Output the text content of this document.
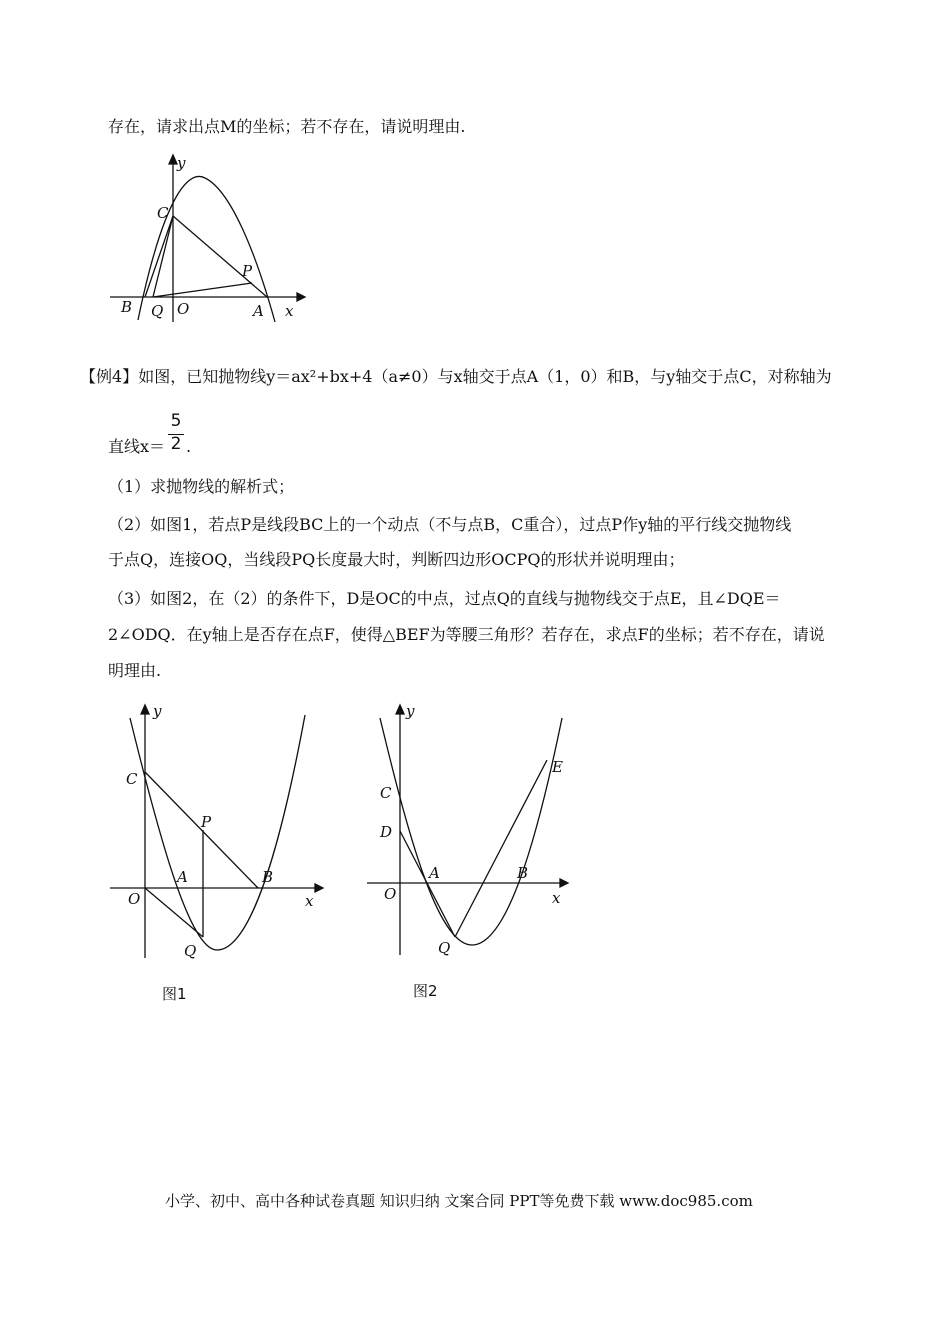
存在，请求出点M的坐标；若不存在，请说明理由.
y
x
C
P
B Q O	A
【例4】如图，已知抛物线y＝ax²+bx+4（a≠0）与x轴交于点A（1，0）和B，与y轴交于点C，对称轴为
直线x＝
5
2 .
（1）求抛物线的解析式；
（2）如图1，若点P是线段BC上的一个动点（不与点B，C重合），过点P作y轴的平行线交抛物线
于点Q，连接OQ，当线段PQ长度最大时，判断四边形OCPQ的形状并说明理由；
（3）如图2，在（2）的条件下，D是OC的中点，过点Q的直线与抛物线交于点E，且∠DQE＝
2∠ODQ．在y轴上是否存在点F，使得△BEF为等腰三角形？若存在，求点F的坐标；若不存在，请说
明理由.
y
x
C
P
A	B
O
Q
图1
y
x
C
D
A	B
O
Q
E
图2
小学、初中、高中各种试卷真题 知识归纳 文案合同 PPT等免费下载 www.doc985.com
